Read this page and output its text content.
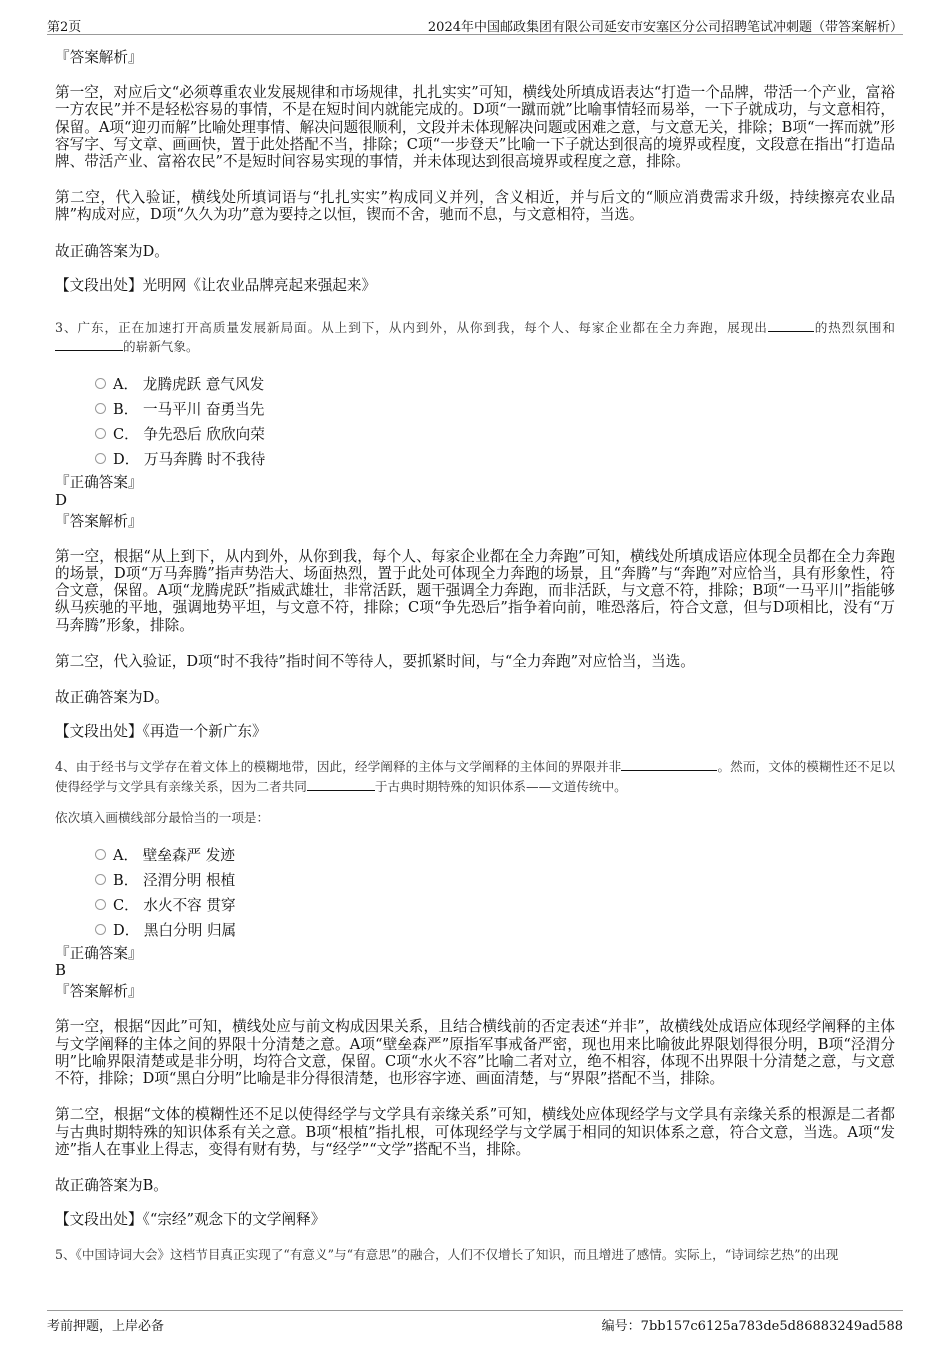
第2页	2024年中国邮政集团有限公司延安市安塞区分公司招聘笔试冲刺题（带答案解析）
『答案解析』

第一空，对应后文“必须尊重农业发展规律和市场规律，扎扎实实”可知，横线处所填成语表达“打造一个品牌，带活一个产业，富裕一方农民”并不是轻松容易的事情，不是在短时间内就能完成的。D项“一蹴而就”比喻事情轻而易举，一下子就成功，与文意相符，保留。A项“迎刃而解”比喻处理事情、解决问题很顺利，文段并未体现解决问题或困难之意，与文意无关，排除；B项“一挥而就”形容写字、写文章、画画快，置于此处搭配不当，排除；C项“一步登天”比喻一下子就达到很高的境界或程度，文段意在指出“打造品牌、带活产业、富裕农民”不是短时间容易实现的事情，并未体现达到很高境界或程度之意，排除。

第二空，代入验证，横线处所填词语与“扎扎实实”构成同义并列，含义相近，并与后文的“顺应消费需求升级，持续擦亮农业品牌”构成对应，D项“久久为功”意为要持之以恒，锲而不舍，驰而不息，与文意相符，当选。

故正确答案为D。

【文段出处】光明网《让农业品牌亮起来强起来》

3、广东，正在加速打开高质量发展新局面。从上到下，从内到外，从你到我，每个人、每家企业都在全力奔跑，展现出	的热烈氛围和的崭新气象。
A． 龙腾虎跃 意气风发
B． 一马平川 奋勇当先
C． 争先恐后 欣欣向荣
D． 万马奔腾 时不我待
『正确答案』
D
『答案解析』

第一空，根据“从上到下，从内到外，从你到我，每个人、每家企业都在全力奔跑”可知，横线处所填成语应体现全员都在全力奔跑的场景，D项“万马奔腾”指声势浩大、场面热烈，置于此处可体现全力奔跑的场景，且“奔腾”与“奔跑”对应恰当，具有形象性，符合文意，保留。A项“龙腾虎跃”指威武雄壮，非常活跃，题干强调全力奔跑，而非活跃，与文意不符，排除；B项“一马平川”指能够纵马疾驰的平地，强调地势平坦，与文意不符，排除；C项“争先恐后”指争着向前，唯恐落后，符合文意，但与D项相比，没有“万马奔腾”形象，排除。

第二空，代入验证，D项“时不我待”指时间不等待人，要抓紧时间，与“全力奔跑”对应恰当，当选。

故正确答案为D。

【文段出处】《再造一个新广东》

4、由于经书与文学存在着文体上的模糊地带，因此，经学阐释的主体与文学阐释的主体间的界限并非	。然而，文体的模糊性还不足以使得经学与文学具有亲缘关系，因为二者共同	于古典时期特殊的知识体系——文道传统中。
依次填入画横线部分最恰当的一项是：
A． 壁垒森严 发迹
B． 泾渭分明 根植
C． 水火不容 贯穿
D． 黑白分明 归属
『正确答案』
B
『答案解析』

第一空，根据“因此”可知，横线处应与前文构成因果关系，且结合横线前的否定表述“并非”，故横线处成语应体现经学阐释的主体与文学阐释的主体之间的界限十分清楚之意。A项“壁垒森严”原指军事戒备严密，现也用来比喻彼此界限划得很分明，B项“泾渭分明”比喻界限清楚或是非分明，均符合文意，保留。C项“水火不容”比喻二者对立，绝不相容，体现不出界限十分清楚之意，与文意不符，排除；D项“黑白分明”比喻是非分得很清楚，也形容字迹、画面清楚，与“界限”搭配不当，排除。

第二空，根据“文体的模糊性还不足以使得经学与文学具有亲缘关系”可知，横线处应体现经学与文学具有亲缘关系的根源是二者都与古典时期特殊的知识体系有关之意。B项“根植”指扎根，可体现经学与文学属于相同的知识体系之意，符合文意，当选。A项“发迹”指人在事业上得志，变得有财有势，与“经学”“文学”搭配不当，排除。

故正确答案为B。

【文段出处】《“宗经”观念下的文学阐释》

5、《中国诗词大会》这档节目真正实现了“有意义”与“有意思”的融合，人们不仅增长了知识，而且增进了感情。实际上，“诗词综艺热”的出现
考前押题，上岸必备	编号：7bb157c6125a783de5d86883249ad588
